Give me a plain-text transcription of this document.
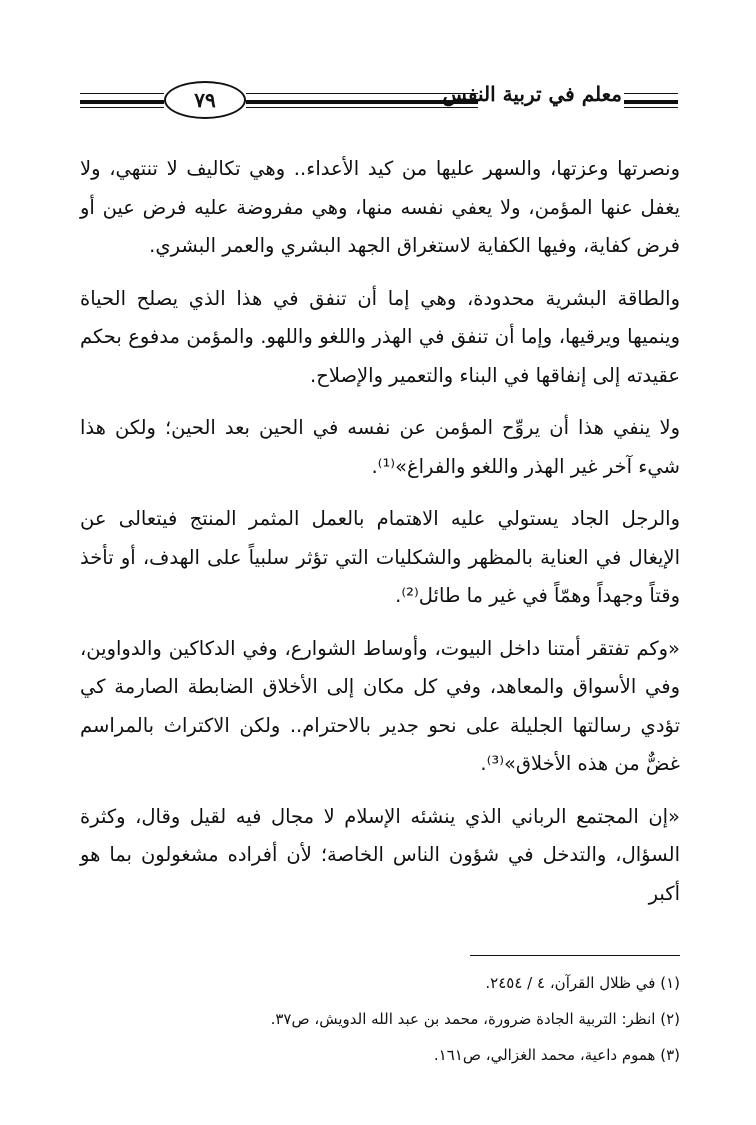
٧٩	معلم في تربية النفس

ونصرتها وعزتها، والسهر عليها من كيد الأعداء.. وهي تكاليف لا تنتهي، ولا يغفل عنها المؤمن، ولا يعفي نفسه منها، وهي مفروضة عليه فرض عين أو فرض كفاية، وفيها الكفاية لاستغراق الجهد البشري والعمر البشري.

والطاقة البشرية محدودة، وهي إما أن تنفق في هذا الذي يصلح الحياة وينميها ويرقيها، وإما أن تنفق في الهذر واللغو واللهو. والمؤمن مدفوع بحكم عقيدته إلى إنفاقها في البناء والتعمير والإصلاح.

ولا ينفي هذا أن يروِّح المؤمن عن نفسه في الحين بعد الحين؛ ولكن هذا شيء آخر غير الهذر واللغو والفراغ»⁽¹⁾.

والرجل الجاد يستولي عليه الاهتمام بالعمل المثمر المنتج فيتعالى عن الإيغال في العناية بالمظهر والشكليات التي تؤثر سلبياً على الهدف، أو تأخذ وقتاً وجهداً وهمّاً في غير ما طائل⁽²⁾.

«وكم تفتقر أمتنا داخل البيوت، وأوساط الشوارع، وفي الدكاكين والدواوين، وفي الأسواق والمعاهد، وفي كل مكان إلى الأخلاق الضابطة الصارمة كي تؤدي رسالتها الجليلة على نحو جدير بالاحترام.. ولكن الاكتراث بالمراسم غضٌّ من هذه الأخلاق»⁽³⁾.

«إن المجتمع الرباني الذي ينشئه الإسلام لا مجال فيه لقيل وقال، وكثرة السؤال، والتدخل في شؤون الناس الخاصة؛ لأن أفراده مشغولون بما هو أكبر

(١) في ظلال القرآن، ٤ / ٢٤٥٤.
(٢) انظر: التربية الجادة ضرورة، محمد بن عبد الله الدويش، ص٣٧.
(٣) هموم داعية، محمد الغزالي، ص١٦١.
